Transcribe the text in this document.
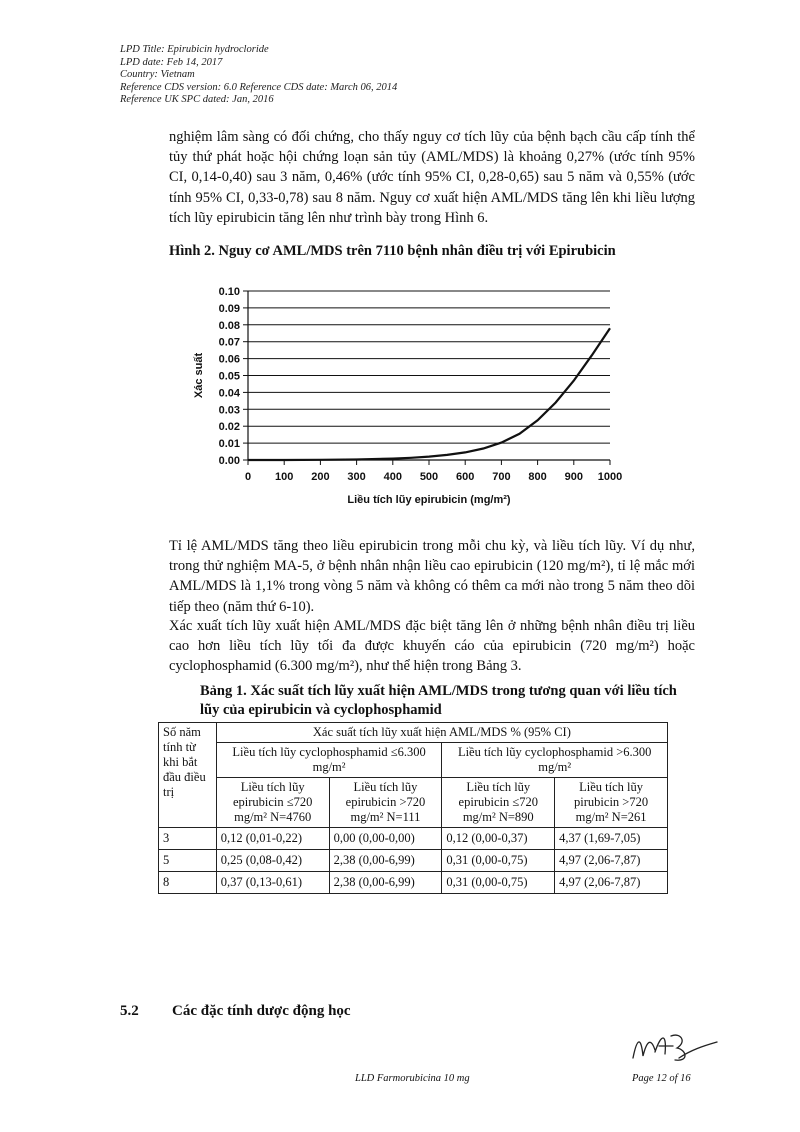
LPD Title: Epirubicin hydrocloride
LPD date: Feb 14, 2017
Country: Vietnam
Reference CDS version: 6.0 Reference CDS date: March 06, 2014
Reference UK SPC dated: Jan, 2016

nghiệm lâm sàng có đối chứng, cho thấy nguy cơ tích lũy của bệnh bạch cầu cấp tính thể tủy thứ phát hoặc hội chứng loạn sản tủy (AML/MDS) là khoảng 0,27% (ước tính 95% CI, 0,14-0,40) sau 3 năm, 0,46% (ước tính 95% CI, 0,28-0,65) sau 5 năm và 0,55% (ước tính 95% CI, 0,33-0,78) sau 8 năm. Nguy cơ xuất hiện AML/MDS tăng lên khi liều lượng tích lũy epirubicin tăng lên như trình bày trong Hình 6.

Hình 2. Nguy cơ AML/MDS trên 7110 bệnh nhân điều trị với Epirubicin
0.00
0.01
0.02
0.03
0.04
0.05
0.06
0.07
0.08
0.09
0.10
0 100 200 300 400 500 600 700 800 900 1000
Xác suất
Liều tích lũy epirubicin (mg/m²)

Tỉ lệ AML/MDS tăng theo liều epirubicin trong mỗi chu kỳ, và liều tích lũy. Ví dụ như, trong thử nghiệm MA-5, ở bệnh nhân nhận liều cao epirubicin (120 mg/m²), tỉ lệ mắc mới AML/MDS là 1,1% trong vòng 5 năm và không có thêm ca mới nào trong 5 năm theo dõi tiếp theo (năm thứ 6-10).

Xác xuất tích lũy xuất hiện AML/MDS đặc biệt tăng lên ở những bệnh nhân điều trị liều cao hơn liều tích lũy tối đa được khuyến cáo của epirubicin (720 mg/m²) hoặc cyclophosphamid (6.300 mg/m²), như thể hiện trong Bảng 3.

Bảng 1. Xác suất tích lũy xuất hiện AML/MDS trong tương quan với liều tích lũy của epirubicin và cyclophosphamid
Số năm tính từ khi bắt đầu điều trị	Xác suất tích lũy xuất hiện AML/MDS % (95% CI)			
	Liều tích lũy cyclophosphamid ≤6.300 mg/m²		Liều tích lũy cyclophosphamid >6.300 mg/m²	
	Liều tích lũy epirubicin ≤720 mg/m² N=4760	Liều tích lũy epirubicin >720 mg/m² N=111	Liều tích lũy epirubicin ≤720 mg/m² N=890	Liều tích lũy pirubicin >720 mg/m² N=261
3	0,12 (0,01-0,22)	0,00 (0,00-0,00)	0,12 (0,00-0,37)	4,37 (1,69-7,05)
5	0,25 (0,08-0,42)	2,38 (0,00-6,99)	0,31 (0,00-0,75)	4,97 (2,06-7,87)
8	0,37 (0,13-0,61)	2,38 (0,00-6,99)	0,31 (0,00-0,75)	4,97 (2,06-7,87)
5.2 Các đặc tính dược động học
LLD Farmorubicina 10 mg	Page 12 of 16
